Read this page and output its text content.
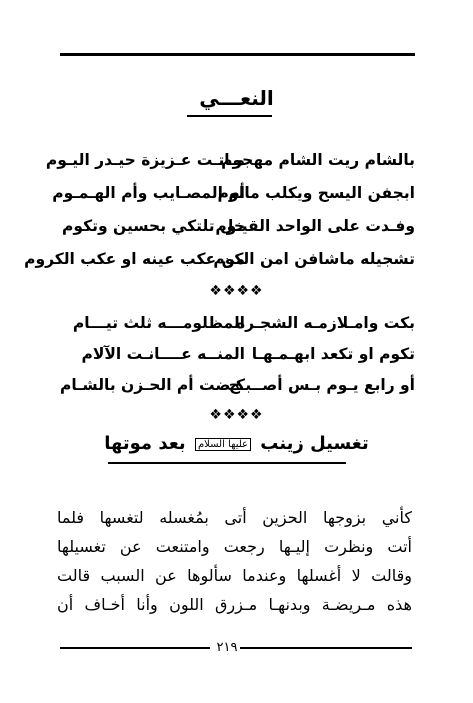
النعـــي
بالشام ريت الشام مهجوم
مـاتـت عـزيزة حيـدر اليـوم
ابجفن اليسح ويكلب مالوم
أم المصـايب وأم الهـمـوم
وفـدت على الواحد القيـوم
خل تلتكي بحسين وتكوم
تشجيله ماشافن امن الكوم
من عكب عينه او عكب الكروم
❖❖❖❖
بكت وامـلازمـه الشجـره
المظلومـــه ثلث تيـــام
تكوم او تكعد ابهـمـهـا
المنــه عــــانـت الآلام
أو رابع يـوم بـس أصــبـح
كـضت أم الحـزن بالشـام
❖❖❖❖
تغسيل زينب عليها السلام بعد موتها
كأني بزوجها الحزين أتى بمُغسله لتغسها فلما
أتت ونظرت إليـها رجعت وامتنعت عن تغسيلها
وقالت لا أغسلها وعندما سألوها عن السبب قالت
هذه مـريضـة وبدنهـا مـزرق اللون وأنا أخـاف أن
٢١٩
